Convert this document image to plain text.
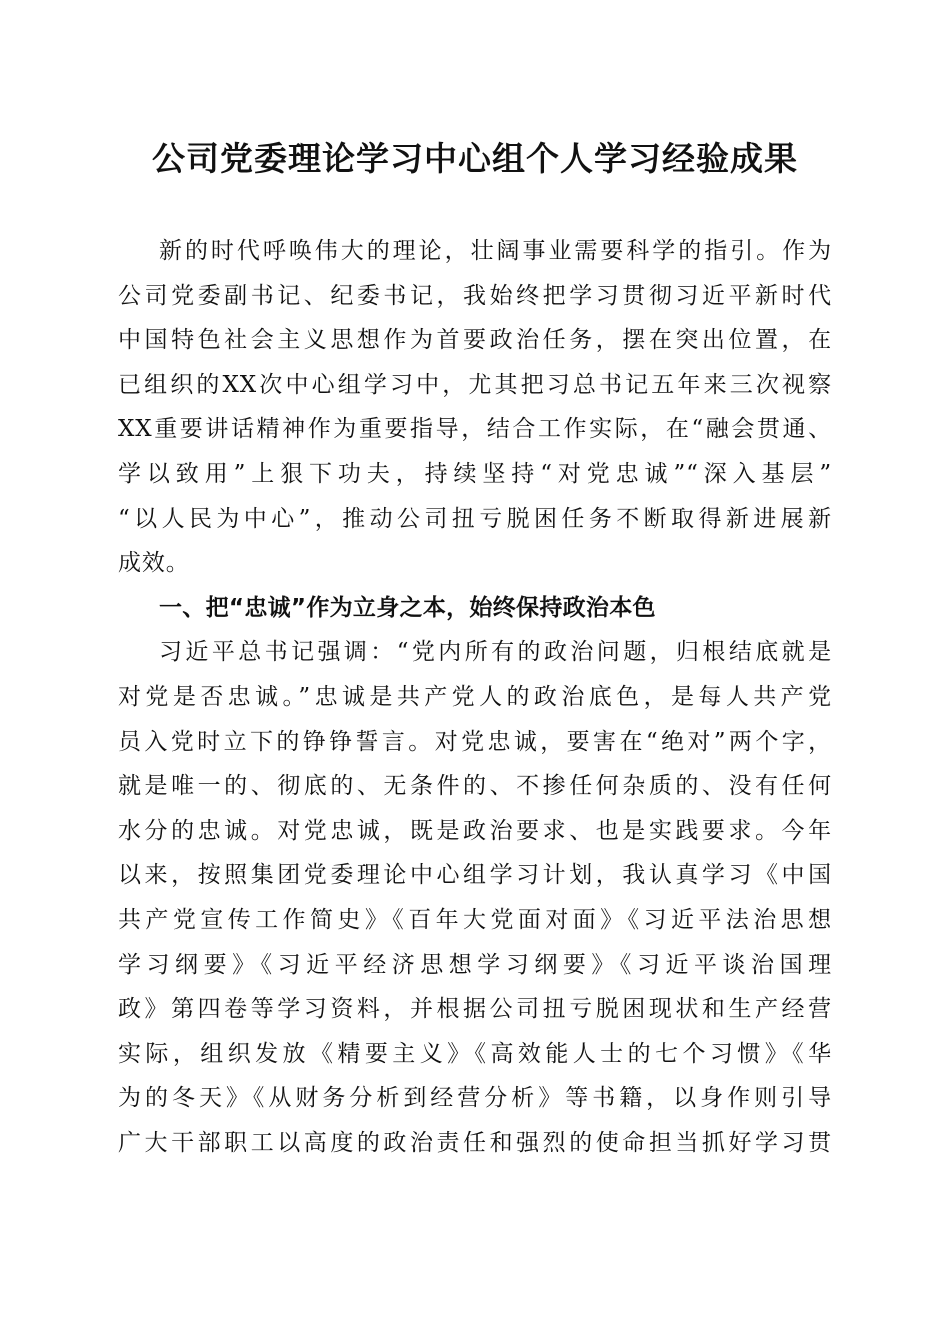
公司党委理论学习中心组个人学习经验成果
新的时代呼唤伟大的理论，壮阔事业需要科学的指引。作为
公司党委副书记、纪委书记，我始终把学习贯彻习近平新时代
中国特色社会主义思想作为首要政治任务，摆在突出位置，在
已组织的XX次中心组学习中，尤其把习总书记五年来三次视察
XX重要讲话精神作为重要指导，结合工作实际，在“融会贯通、
学以致用”上狠下功夫，持续坚持“对党忠诚”“深入基层”
“以人民为中心”，推动公司扭亏脱困任务不断取得新进展新
成效。
一、把“忠诚”作为立身之本，始终保持政治本色
习近平总书记强调：“党内所有的政治问题，归根结底就是
对党是否忠诚。”忠诚是共产党人的政治底色，是每人共产党
员入党时立下的铮铮誓言。对党忠诚，要害在“绝对”两个字，
就是唯一的、彻底的、无条件的、不掺任何杂质的、没有任何
水分的忠诚。对党忠诚，既是政治要求、也是实践要求。今年
以来，按照集团党委理论中心组学习计划，我认真学习《中国
共产党宣传工作简史》《百年大党面对面》《习近平法治思想
学习纲要》《习近平经济思想学习纲要》《习近平谈治国理
政》第四卷等学习资料，并根据公司扭亏脱困现状和生产经营
实际，组织发放《精要主义》《高效能人士的七个习惯》《华
为的冬天》《从财务分析到经营分析》等书籍，以身作则引导
广大干部职工以高度的政治责任和强烈的使命担当抓好学习贯
